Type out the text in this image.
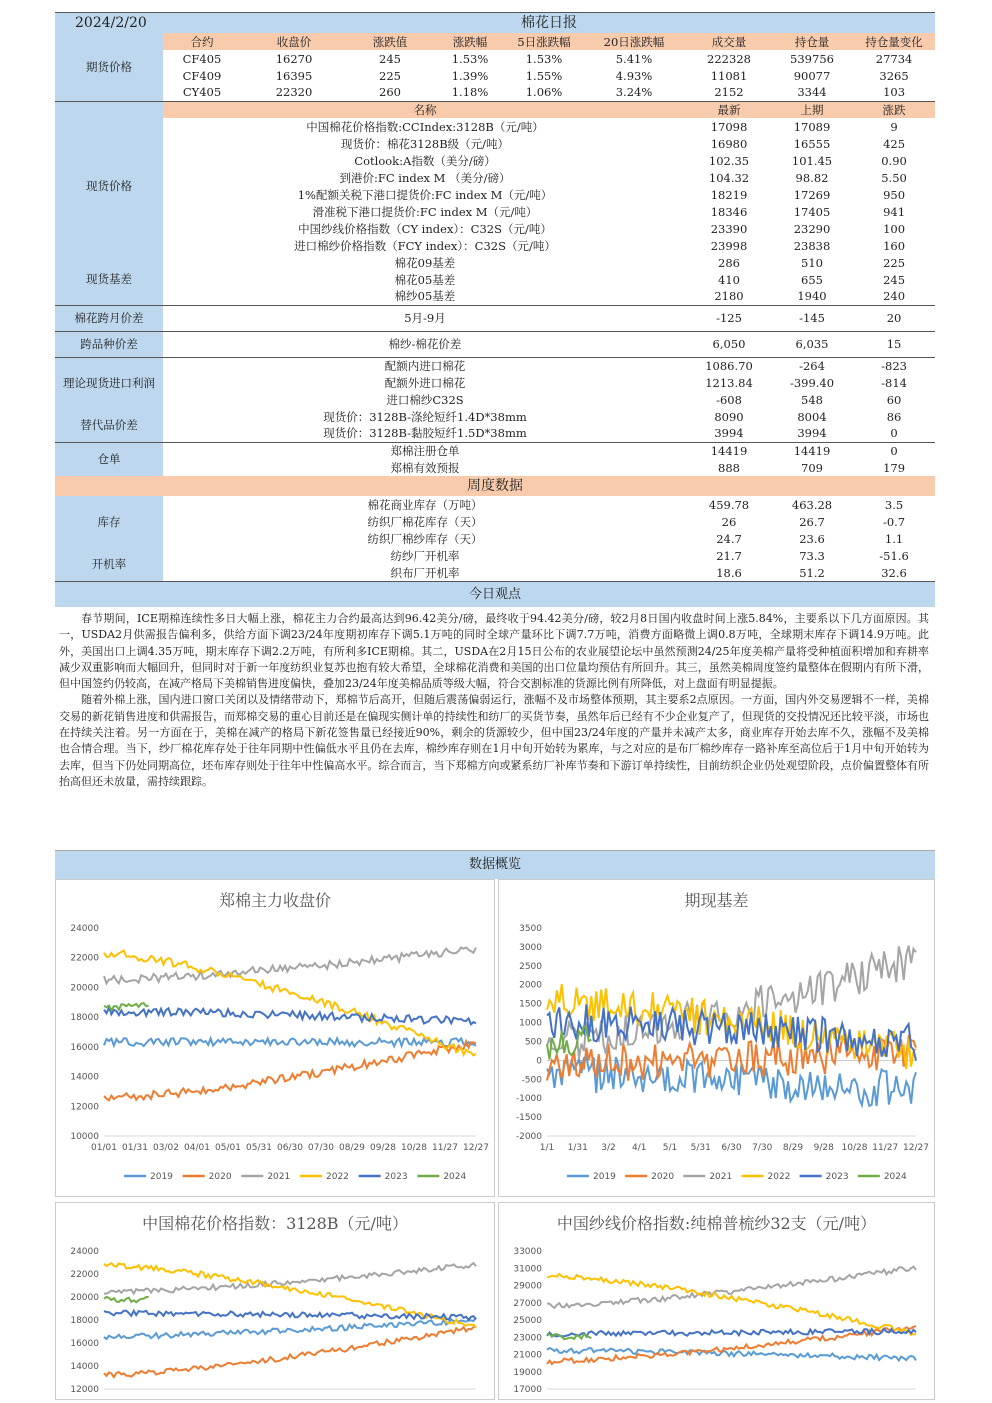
2024/2/20	棉花日报								
期货价格	合约	收盘价	涨跌值	涨跌幅	5日涨跌幅	20日涨跌幅	成交量	持仓量	持仓量变化
	CF405	16270	245	1.53%	1.53%	5.41%	222328	539756	27734
	CF409	16395	225	1.39%	1.55%	4.93%	11081	90077	3265
	CY405	22320	260	1.18%	1.06%	3.24%	2152	3344	103
	名称						最新	上期	涨跌
现货价格	中国棉花价格指数:CCIndex:3128B（元/吨）						17098	17089	9
	现货价：棉花3128B级（元/吨）						16980	16555	425
	Cotlook:A指数（美分/磅）						102.35	101.45	0.90
	到港价:FC index M （美分/磅）						104.32	98.82	5.50
	1%配额关税下港口提货价:FC index M（元/吨）						18219	17269	950
	滑准税下港口提货价:FC index M（元/吨）						18346	17405	941
	中国纱线价格指数（CY index）：C32S（元/吨）						23390	23290	100
	进口棉纱价格指数（FCY index）：C32S（元/吨）						23998	23838	160
现货基差	棉花09基差						286	510	225
	棉花05基差						410	655	245
	棉纱05基差						2180	1940	240
棉花跨月价差	5月-9月						-125	-145	20
跨品种价差	棉纱-棉花价差						6,050	6,035	15
理论现货进口利润	配额内进口棉花						1086.70	-264	-823
	配额外进口棉花						1213.84	-399.40	-814
	进口棉纱C32S						-608	548	60
替代品价差	现货价：3128B-涤纶短纤1.4D*38mm						8090	8004	86
	现货价：3128B-黏胶短纤1.5D*38mm						3994	3994	0
仓单	郑棉注册仓单						14419	14419	0
	郑棉有效预报						888	709	179
周度数据									
库存	棉花商业库存（万吨）						459.78	463.28	3.5
	纺织厂棉花库存（天）						26	26.7	-0.7
	纺织厂棉纱库存（天）						24.7	23.6	1.1
开机率	纺纱厂开机率						21.7	73.3	-51.6
	织布厂开机率						18.6	51.2	32.6
今日观点

春节期间，ICE期棉连续性多日大幅上涨，棉花主力合约最高达到96.42美分/磅，最终收于94.42美分/磅，较2月8日国内收盘时间上涨5.84%，主要系以下几方面原因。其一，USDA2月供需报告偏利多，供给方面下调23/24年度期初库存下调5.1万吨的同时全球产量环比下调7.7万吨，消费方面略微上调0.8万吨，全球期末库存下调14.9万吨。此外，美国出口上调4.35万吨，期末库存下调2.2万吨，有所利多ICE期棉。其二，USDA在2月15日公布的农业展望论坛中虽然预测24/25年度美棉产量将受种植面积增加和弃耕率减少双重影响而大幅回升，但同时对于新一年度纺织业复苏也抱有较大希望，全球棉花消费和美国的出口位量均预估有所回升。其三，虽然美棉周度签约量整体在假期内有所下滑，但中国签约仍较高，在减产格局下美棉销售进度偏快，叠加23/24年度美棉品质等级大幅，符合交割标准的货源比例有所降低，对上盘面有明显提振。

随着外棉上涨，国内进口窗口关闭以及情绪带动下，郑棉节后高开，但随后震荡偏弱运行，涨幅不及市场整体预期，其主要系2点原因。一方面，国内外交易逻辑不一样，美棉交易的新花销售进度和供需报告，而郑棉交易的重心目前还是在偏现实侧计单的持续性和纺厂的买货节奏，虽然年后已经有不少企业复产了，但现货的交投情况还比较平淡，市场也在持续关注着。另一方面在于，美棉在减产的格局下新花签售量已经接近90%，剩余的货源较少，但中国23/24年度的产量并未减产太多，商业库存开始去库不久，涨幅不及美棉也合情合理。当下，纱厂棉花库存处于往年同期中性偏低水平且仍在去库，棉纱库存则在1月中旬开始转为累库，与之对应的是布厂棉纱库存一路补库至高位后于1月中旬开始转为去库，但当下仍处同期高位，坯布库存则处于往年中性偏高水平。综合而言，当下郑棉方向或紧系纺厂补库节奏和下游订单持续性，目前纺织企业仍处观望阶段，点价偏置整体有所抬高但还未放量，需持续跟踪。

数据概览
郑棉主力收盘价
24000
22000
20000
18000
16000
14000
12000
10000
01/01 01/31 03/02 04/01 05/01 05/31 06/30 07/30 08/29 09/28 10/28 11/27 12/27
2019	2020	2021	2022	2023	2024
期现基差
3500
3000
2500
2000
1500
1000
500
0
-500
-1000
-1500
-2000
1/1 1/31 3/2 4/1 5/1 5/31 6/30 7/30 8/29 9/28 10/28 11/27 12/27
2019	2020	2021	2022	2023	2024
中国棉花价格指数：3128B（元/吨）
24000
22000
20000
18000
16000
14000
12000
中国纱线价格指数:纯棉普梳纱32支（元/吨）
33000
31000
29000
27000
25000
23000
21000
19000
17000
